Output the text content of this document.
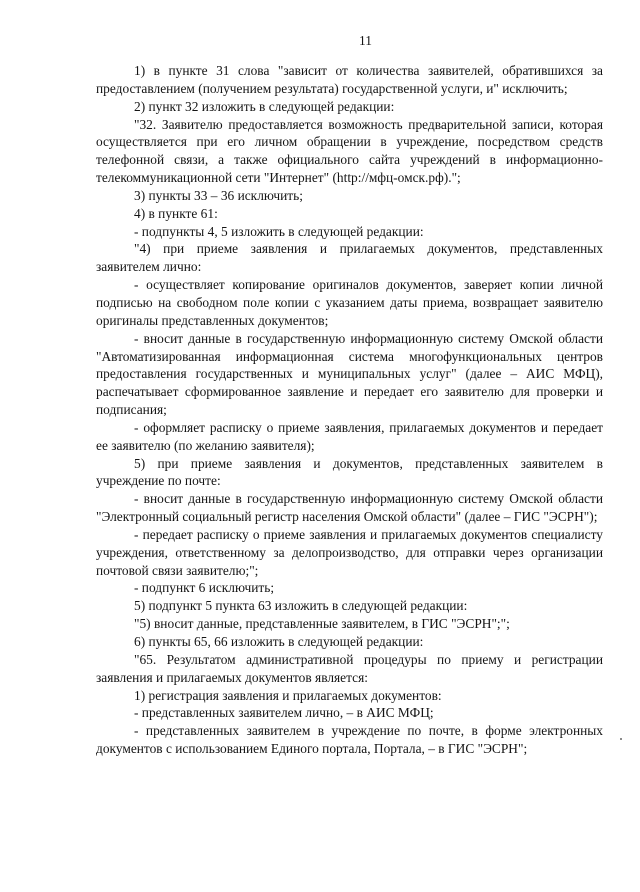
11

1) в пункте 31 слова "зависит от количества заявителей, обратившихся за предоставлением (получением результата) государственной услуги, и" исключить;

2) пункт 32 изложить в следующей редакции:

"32. Заявителю предоставляется возможность предварительной записи, которая осуществляется при его личном обращении в учреждение, посредством средств телефонной связи, а также официального сайта учреждений в информационно-телекоммуникационной сети "Интернет" (http://мфц-омск.рф).";

3) пункты 33 – 36 исключить;

4) в пункте 61:

- подпункты 4, 5 изложить в следующей редакции:

"4) при приеме заявления и прилагаемых документов, представленных заявителем лично:

- осуществляет копирование оригиналов документов, заверяет копии личной подписью на свободном поле копии с указанием даты приема, возвращает заявителю оригиналы представленных документов;

- вносит данные в государственную информационную систему Омской области "Автоматизированная информационная система многофункциональных центров предоставления государственных и муниципальных услуг" (далее – АИС МФЦ), распечатывает сформированное заявление и передает его заявителю для проверки и подписания;

- оформляет расписку о приеме заявления, прилагаемых документов и передает ее заявителю (по желанию заявителя);

5) при приеме заявления и документов, представленных заявителем в учреждение по почте:

- вносит данные в государственную информационную систему Омской области "Электронный социальный регистр населения Омской области" (далее – ГИС "ЭСРН");

- передает расписку о приеме заявления и прилагаемых документов специалисту учреждения, ответственному за делопроизводство, для отправки через организации почтовой связи заявителю;";

- подпункт 6 исключить;

5) подпункт 5 пункта 63 изложить в следующей редакции:

"5) вносит данные, представленные заявителем, в ГИС "ЭСРН";";

6) пункты 65, 66 изложить в следующей редакции:

"65. Результатом административной процедуры по приему и регистрации заявления и прилагаемых документов является:

1) регистрация заявления и прилагаемых документов:

- представленных заявителем лично, – в АИС МФЦ;

- представленных заявителем в учреждение по почте, в форме электронных документов с использованием Единого портала, Портала, – в ГИС "ЭСРН";
